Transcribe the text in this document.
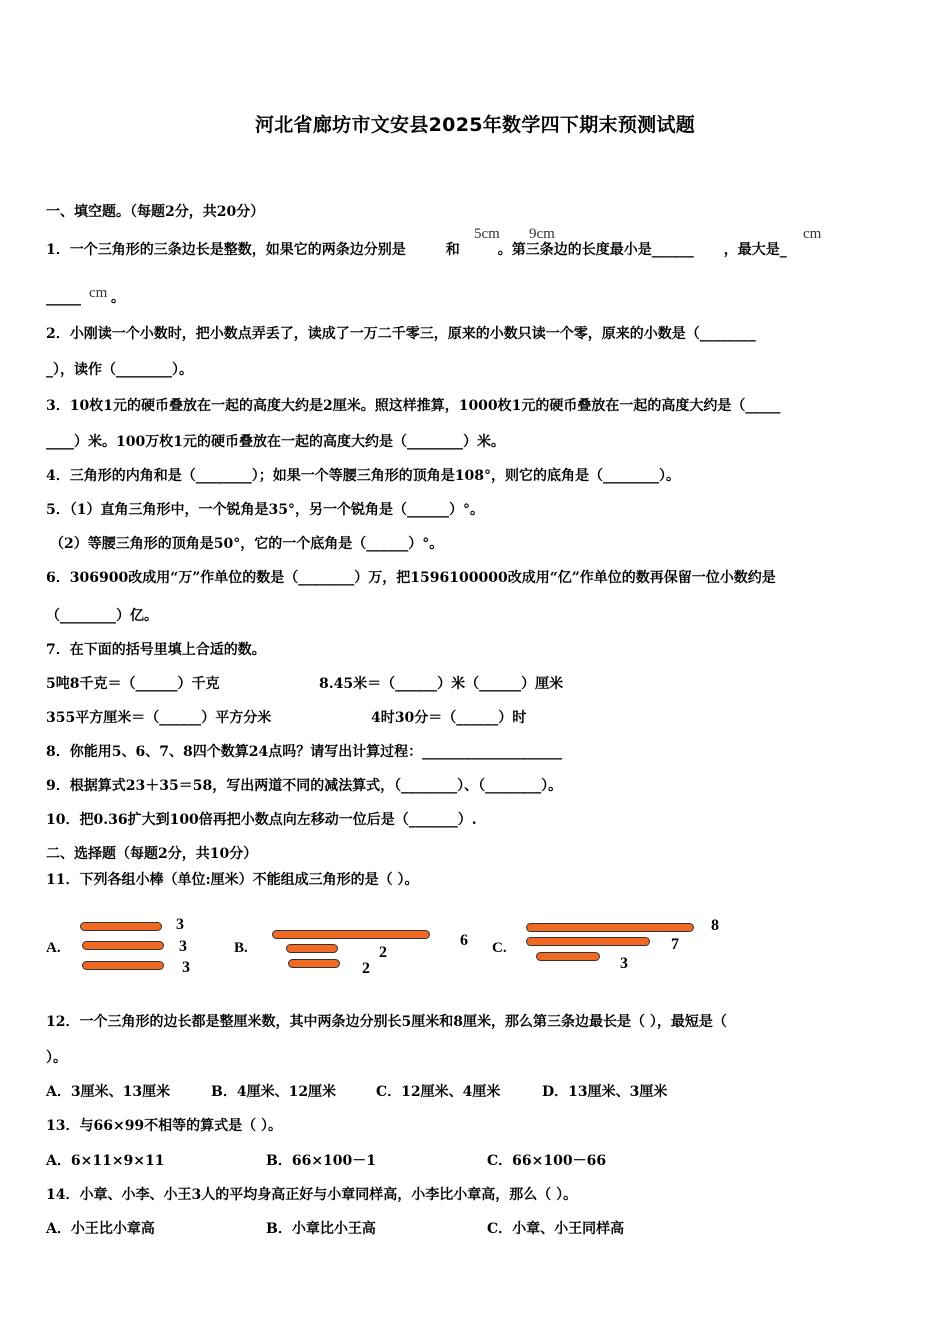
河北省廊坊市文安县2025年数学四下期末预测试题
一、填空题。（每题2分，共20分）
1．一个三角形的三条边长是整数，如果它的两条边分别是	和	。第三条边的长度最小是______ ，最大是_
5cm 9cm	cm
_____ 。
cm
2．小刚读一个小数时，把小数点弄丢了，读成了一万二千零三，原来的小数只读一个零，原来的小数是（________
_），读作（________）。
3．10枚1元的硬币叠放在一起的高度大约是2厘米。照这样推算，1000枚1元的硬币叠放在一起的高度大约是（_____
____）米。100万枚1元的硬币叠放在一起的高度大约是（________）米。
4．三角形的内角和是（________）；如果一个等腰三角形的顶角是108°，则它的底角是（________）。
5．（1）直角三角形中，一个锐角是35°，另一个锐角是（______）°。
（2）等腰三角形的顶角是50°，它的一个底角是（______）°。
6．306900改成用“万”作单位的数是（________）万，把1596100000改成用“亿”作单位的数再保留一位小数约是
（________）亿。
7．在下面的括号里填上合适的数。
5吨8千克＝（______）千克	8.45米＝（______）米（______）厘米
355平方厘米＝（______）平方分米	4时30分＝（______）时
8．你能用5、6、7、8四个数算24点吗？请写出计算过程：____________________
9．根据算式23＋35＝58，写出两道不同的减法算式，（________）、（________）。
10．把0.36扩大到100倍再把小数点向左移动一位后是（_______）.
二、选择题（每题2分，共10分）
11．下列各组小棒（单位:厘米）不能组成三角形的是（ ）。
A.
3
3
3
B.	6
2
2
C.
8
7
3
12．一个三角形的边长都是整厘米数，其中两条边分别长5厘米和8厘米，那么第三条边最长是（ ），最短是（
）。
A．3厘米、13厘米	B．4厘米、12厘米	C．12厘米、4厘米	D．13厘米、3厘米
13．与66×99不相等的算式是（ ）。
A．6×11×9×11	B．66×100－1	C．66×100－66
14．小章、小李、小王3人的平均身高正好与小章同样高，小李比小章高，那么（ ）。
A．小王比小章高	B．小章比小王高	C．小章、小王同样高
